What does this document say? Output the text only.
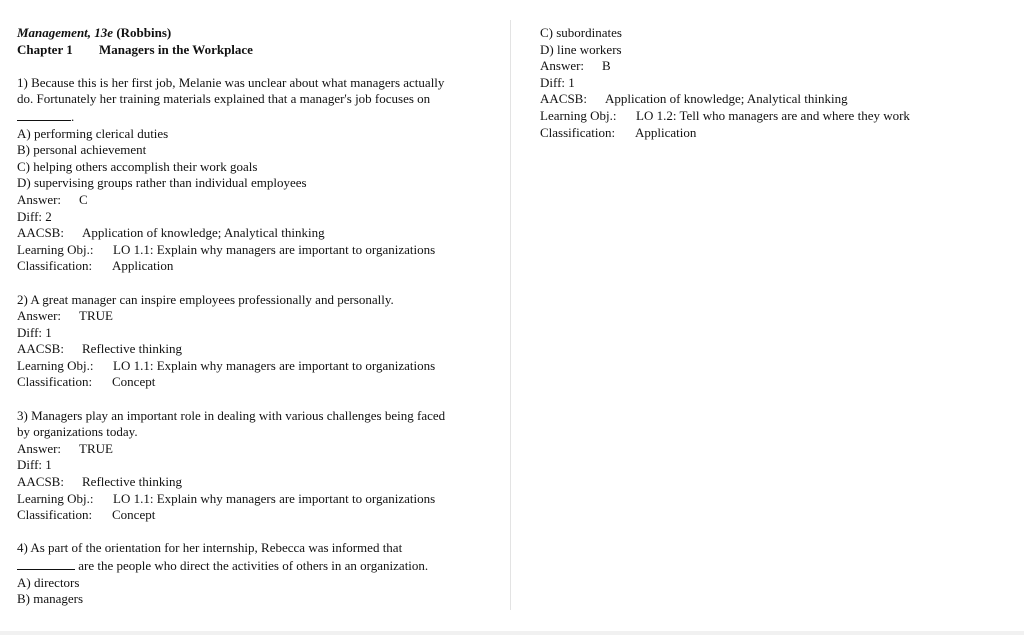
Management, 13e (Robbins)
Chapter 1 Managers in the Workplace
1) Because this is her first job, Melanie was unclear about what managers actually
do. Fortunately her training materials explained that a manager's job focuses on
.
A) performing clerical duties
B) personal achievement
C) helping others accomplish their work goals
D) supervising groups rather than individual employees
Answer: C
Diff: 2
AACSB: Application of knowledge; Analytical thinking
Learning Obj.: LO 1.1: Explain why managers are important to organizations
Classification: Application
2) A great manager can inspire employees professionally and personally.
Answer: TRUE
Diff: 1
AACSB: Reflective thinking
Learning Obj.: LO 1.1: Explain why managers are important to organizations
Classification: Concept
3) Managers play an important role in dealing with various challenges being faced
by organizations today.
Answer: TRUE
Diff: 1
AACSB: Reflective thinking
Learning Obj.: LO 1.1: Explain why managers are important to organizations
Classification: Concept
4) As part of the orientation for her internship, Rebecca was informed that
are the people who direct the activities of others in an organization.
A) directors
B) managers
C) subordinates
D) line workers
Answer: B
Diff: 1
AACSB: Application of knowledge; Analytical thinking
Learning Obj.: LO 1.2: Tell who managers are and where they work
Classification: Application
